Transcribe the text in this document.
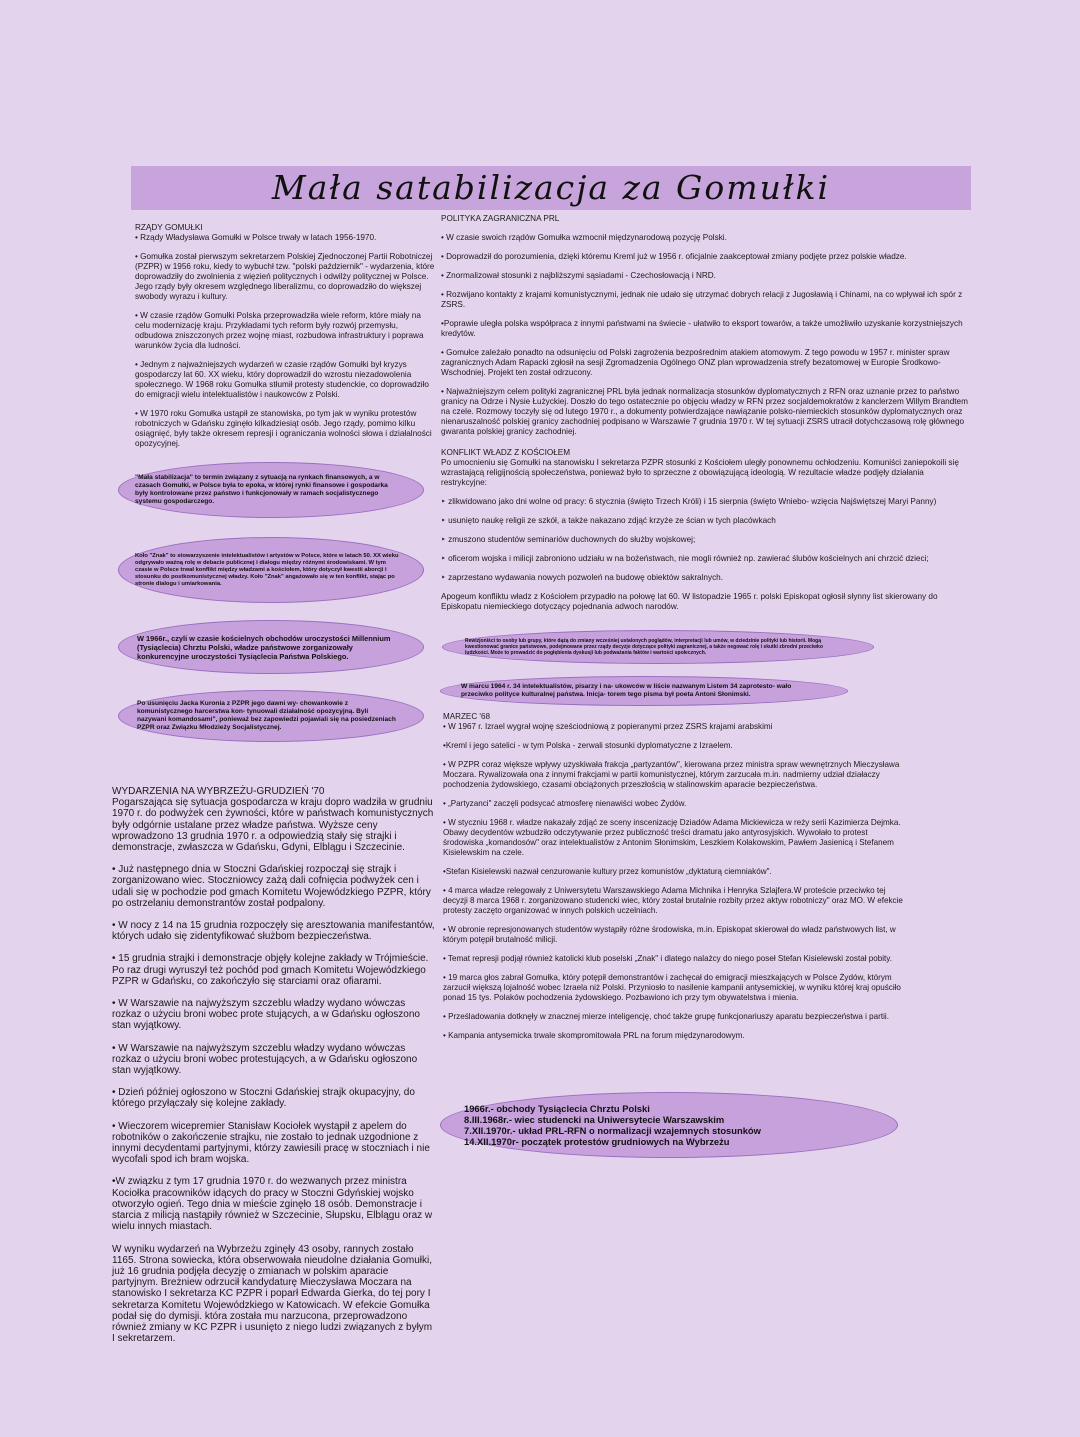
Mała satabilizacja za Gomułki

RZĄDY GOMUŁKI

• Rządy Władysława Gomułki w Polsce trwały w latach 1956-1970.

• Gomułka został pierwszym sekretarzem Polskiej Zjednoczonej Partii Robotniczej (PZPR) w 1956 roku, kiedy to wybuchł tzw. "polski październik" - wydarzenia, które doprowadziły do zwolnienia z więzień politycznych i odwilży politycznej w Polsce. Jego rządy były okresem względnego liberalizmu, co doprowadziło do większej swobody wyrazu i kultury.

• W czasie rządów Gomułki Polska przeprowadziła wiele reform, które miały na celu modernizację kraju. Przykładami tych reform były rozwój przemysłu, odbudowa zniszczonych przez wojnę miast, rozbudowa infrastruktury i poprawa warunków życia dla ludności.

• Jednym z najważniejszych wydarzeń w czasie rządów Gomułki był kryzys gospodarczy lat 60. XX wieku, który doprowadził do wzrostu niezadowolenia społecznego. W 1968 roku Gomułka stłumił protesty studenckie, co doprowadziło do emigracji wielu intelektualistów i naukowców z Polski.

• W 1970 roku Gomułka ustąpił ze stanowiska, po tym jak w wyniku protestów robotniczych w Gdańsku zginęło kilkadziesiąt osób. Jego rządy, pomimo kilku osiągnięć, były także okresem represji i ograniczania wolności słowa i działalności opozycyjnej.

"Mała stabilizacja" to termin związany z sytuacją na rynkach finansowych, a w czasach Gomułki, w Polsce była to epoka, w której rynki finansowe i gospodarka były kontrolowane przez państwo i funkcjonowały w ramach socjalistycznego systemu gospodarczego.
Koło "Znak" to stowarzyszenie intelektualistów i artystów w Polsce, które w latach 50. XX wieku odgrywało ważną rolę w debacie publicznej i dialogu między różnymi środowiskami. W tym czasie w Polsce trwał konflikt między władzami a kościołem, który dotyczył kwestii aborcji i stosunku do postkomunistycznej władzy. Koło "Znak" angażowało się w ten konflikt, stając po stronie dialogu i umiarkowania.
W 1966r., czyli w czasie kościelnych obchodów uroczystości Millennium (Tysiąclecia) Chrztu Polski, władze państwowe zorganizowały konkurencyjne uroczystości Tysiąclecia Państwa Polskiego.
Po usunięciu Jacka Kuronia z PZPR jego dawni wy- chowankowie z komunistycznego harcerstwa kon- tynuowali działalność opozycyjną. Byli nazywani komandosami", ponieważ bez zapowiedzi pojawiali się na posiedzeniach PZPR oraz Związku Młodzieży Socjalistycznej.

POLITYKA ZAGRANICZNA PRL

• W czasie swoich rządów Gomułka wzmocnił międzynarodową pozycję Polski.

• Doprowadził do porozumienia, dzięki któremu Kreml już w 1956 r. oficjalnie zaakceptował zmiany podjęte przez polskie władze.

• Znormalizował stosunki z najbliższymi sąsiadami - Czechosłowacją i NRD.

• Rozwijano kontakty z krajami komunistycznymi, jednak nie udało się utrzymać dobrych relacji z Jugosławią i Chinami, na co wpływał ich spór z ZSRS.

•Poprawie uległa polska współpraca z innymi państwami na świecie - ułatwiło to eksport towarów, a także umożliwiło uzyskanie korzystniejszych kredytów.

• Gomułce zależało ponadto na odsunięciu od Polski zagrożenia bezpośrednim atakiem atomowym. Z tego powodu w 1957 r. minister spraw zagranicznych Adam Rapacki zgłosił na sesji Zgromadzenia Ogólnego ONZ plan wprowadzenia strefy bezatomowej w Europie Środkowo-Wschodniej. Projekt ten został odrzucony.

• Najważniejszym celem polityki zagranicznej PRL była jednak normalizacja stosunków dyplomatycznych z RFN oraz uznanie przez to państwo granicy na Odrze i Nysie Łużyckiej. Doszło do tego ostatecznie po objęciu władzy w RFN przez socjaldemokratów z kanclerzem Willym Brandtem na czele. Rozmowy toczyły się od lutego 1970 r., a dokumenty potwierdzające nawiązanie polsko-niemieckich stosunków dyplomatycznych oraz nienaruszalność polskiej granicy zachodniej podpisano w Warszawie 7 grudnia 1970 r. W tej sytuacji ZSRS utracił dotychczasową rolę głównego gwaranta polskiej granicy zachodniej.

KONFLIKT WŁADZ Z KOŚCIOŁEM

Po umocnieniu się Gomułki na stanowisku I sekretarza PZPR stosunki z Kościołem uległy ponownemu ochłodzeniu. Komuniści zaniepokoili się wzrastającą religijnością społeczeństwa, ponieważ było to sprzeczne z obowiązującą ideologią. W rezultacie władze podjęły działania restrykcyjne:

‣ zlikwidowano jako dni wolne od pracy: 6 stycznia (święto Trzech Króli) i 15 sierpnia (święto Wniebo- wzięcia Najświętszej Maryi Panny)

‣ usunięto naukę religii ze szkół, a także nakazano zdjąć krzyże ze ścian w tych placówkach

‣ zmuszono studentów seminariów duchownych do służby wojskowej;

‣ oficerom wojska i milicji zabroniono udziału w na bożeństwach, nie mogli również np. zawierać ślubów kościelnych ani chrzcić dzieci;

‣ zaprzestano wydawania nowych pozwoleń na budowę obiektów sakralnych.

Apogeum konfliktu władz z Kościołem przypadło na połowę lat 60. W listopadzie 1965 r. polski Episkopat ogłosił słynny list skierowany do Episkopatu niemieckiego dotyczący pojednania adwoch narodów.

Rewizjoniści to osoby lub grupy, które dążą do zmiany wcześniej ustalonych poglądów, interpretacji lub umów, w dziedzinie polityki lub historii. Mogą kwestionować granice państwowe, podejmowane przez rządy decyzje dotyczące polityki zagranicznej, a także negować rolę i skutki zbrodni przeciwko ludzkości. Może to prowadzić do pogłębienia dyskusji lub podważania faktów i wartości społecznych.
W marcu 1964 r. 34 intelektualistów, pisarzy i na- ukowców w liście nazwanym Listem 34 zaprotesto- wało przeciwko polityce kulturalnej państwa. Inicja- torem tego pisma był poeta Antoni Słonimski.

MARZEC '68

• W 1967 r. Izrael wygrał wojnę sześciodniową z popieranymi przez ZSRS krajami arabskimi

•Kreml i jego satelici - w tym Polska - zerwali stosunki dyplomatyczne z Izraelem.

• W PZPR coraz większe wpływy uzyskiwała frakcja „partyzantów", kierowana przez ministra spraw wewnętrznych Mieczysława Moczara. Rywalizowała ona z innymi frakcjami w partii komunistycznej, którym zarzucała m.in. nadmierny udział działaczy pochodzenia żydowskiego, czasami obciążonych przeszłością w stalinowskim aparacie bezpieczeństwa.

• „Partyzanci" zaczęli podsycać atmosferę nienawiści wobec Żydów.

• W styczniu 1968 r. władze nakazały zdjąć ze sceny inscenizację Dziadów Adama Mickiewicza w reży serii Kazimierza Dejmka. Obawy decydentów wzbudziło odczytywanie przez publiczność treści dramatu jako antyrosyjskich. Wywołało to protest środowiska „komandosów" oraz intelektualistów z Antonim Słonimskim, Leszkiem Kołakowskim, Pawłem Jasienicą i Stefanem Kisielewskim na czele.

•Stefan Kisielewski nazwał cenzurowanie kultury przez komunistów „dyktaturą ciemniaków".

• 4 marca władze relegowały z Uniwersytetu Warszawskiego Adama Michnika i Henryka Szlajfera.W proteście przeciwko tej decyzji 8 marca 1968 r. zorganizowano studencki wiec, który został brutalnie rozbity przez aktyw robotniczy" oraz MO. W efekcie protesty zaczęto organizować w innych polskich uczelniach.

• W obronie represjonowanych studentów wystąpiły różne środowiska, m.in. Episkopat skierował do władz państwowych list, w którym potępił brutalność milicji.

• Temat represji podjął również katolicki klub poselski „Znak" i dlatego nalażcy do niego poseł Stefan Kisielewski został pobity.

• 19 marca głos zabrał Gomułka, który potępił demonstrantów i zachęcał do emigracji mieszkających w Polsce Żydów, którym zarzucił większą lojalność wobec Izraela niż Polski. Przyniosło to nasilenie kampanii antysemickiej, w wyniku której kraj opuściło ponad 15 tys. Polaków pochodzenia żydowskiego. Pozbawiono ich przy tym obywatelstwa i mienia.

• Prześladowania dotknęły w znacznej mierze inteligencję, choć także grupę funkcjonariuszy aparatu bezpieczeństwa i partii.

• Kampania antysemicka trwale skompromitowała PRL na forum międzynarodowym.

1966r.- obchody Tysiąclecia Chrztu Polski
8.III.1968r.- wiec studencki na Uniwersytecie Warszawskim
7.XII.1970r.- układ PRL-RFN o normalizacji wzajemnych stosunków
14.XII.1970r- początek protestów grudniowych na Wybrzeżu

WYDARZENIA NA WYBRZEŻU-GRUDZIEŃ '70

Pogarszająca się sytuacja gospodarcza w kraju dopro wadziła w grudniu 1970 r. do podwyżek cen żywności, które w państwach komunistycznych były odgórnie ustalane przez władze państwa. Wyższe ceny wprowadzono 13 grudnia 1970 r. a odpowiedzią stały się strajki i demonstracje, zwłaszcza w Gdańsku, Gdyni, Elblągu i Szczecinie.

• Już następnego dnia w Stoczni Gdańskiej rozpoczął się strajk i zorganizowano wiec. Stoczniowcy zażą dali cofnięcia podwyżek cen i udali się w pochodzie pod gmach Komitetu Wojewódzkiego PZPR, który po ostrzelaniu demonstrantów został podpalony.

• W nocy z 14 na 15 grudnia rozpoczęły się aresztowania manifestantów, których udało się zidentyfikować służbom bezpieczeństwa.

• 15 grudnia strajki i demonstracje objęły kolejne zakłady w Trójmieście. Po raz drugi wyruszył też pochód pod gmach Komitetu Wojewódzkiego PZPR w Gdańsku, co zakończyło się starciami oraz ofiarami.

• W Warszawie na najwyższym szczeblu władzy wydano wówczas rozkaz o użyciu broni wobec prote stujących, a w Gdańsku ogłoszono stan wyjątkowy.

• W Warszawie na najwyższym szczeblu władzy wydano wówczas rozkaz o użyciu broni wobec protestujących, a w Gdańsku ogłoszono stan wyjątkowy.

• Dzień później ogłoszono w Stoczni Gdańskiej strajk okupacyjny, do którego przyłączały się kolejne zakłady.

• Wieczorem wicepremier Stanisław Kociołek wystąpił z apelem do robotników o zakończenie strajku, nie zostało to jednak uzgodnione z innymi decydentami partyjnymi, którzy zawiesili pracę w stoczniach i nie wycofali spod ich bram wojska.

•W związku z tym 17 grudnia 1970 r. do wezwanych przez ministra Kociołka pracowników idących do pracy w Stoczni Gdyńskiej wojsko otworzyło ogień. Tego dnia w mieście zginęło 18 osób. Demonstracje i starcia z milicją nastąpiły również w Szczecinie, Słupsku, Elblągu oraz w wielu innych miastach.

W wyniku wydarzeń na Wybrzeżu zginęły 43 osoby, rannych zostało 1165. Strona sowiecka, która obserwowała nieudolne działania Gomułki, już 16 grudnia podjęła decyzję o zmianach w polskim aparacie partyjnym. Breżniew odrzucił kandydaturę Mieczysława Moczara na stanowisko I sekretarza KC PZPR i poparł Edwarda Gierka, do tej pory I sekretarza Komitetu Wojewódzkiego w Katowicach. W efekcie Gomułka podał się do dymisji. która została mu narzucona, przeprowadzono również zmiany w KC PZPR i usunięto z niego ludzi związanych z byłym I sekretarzem.
